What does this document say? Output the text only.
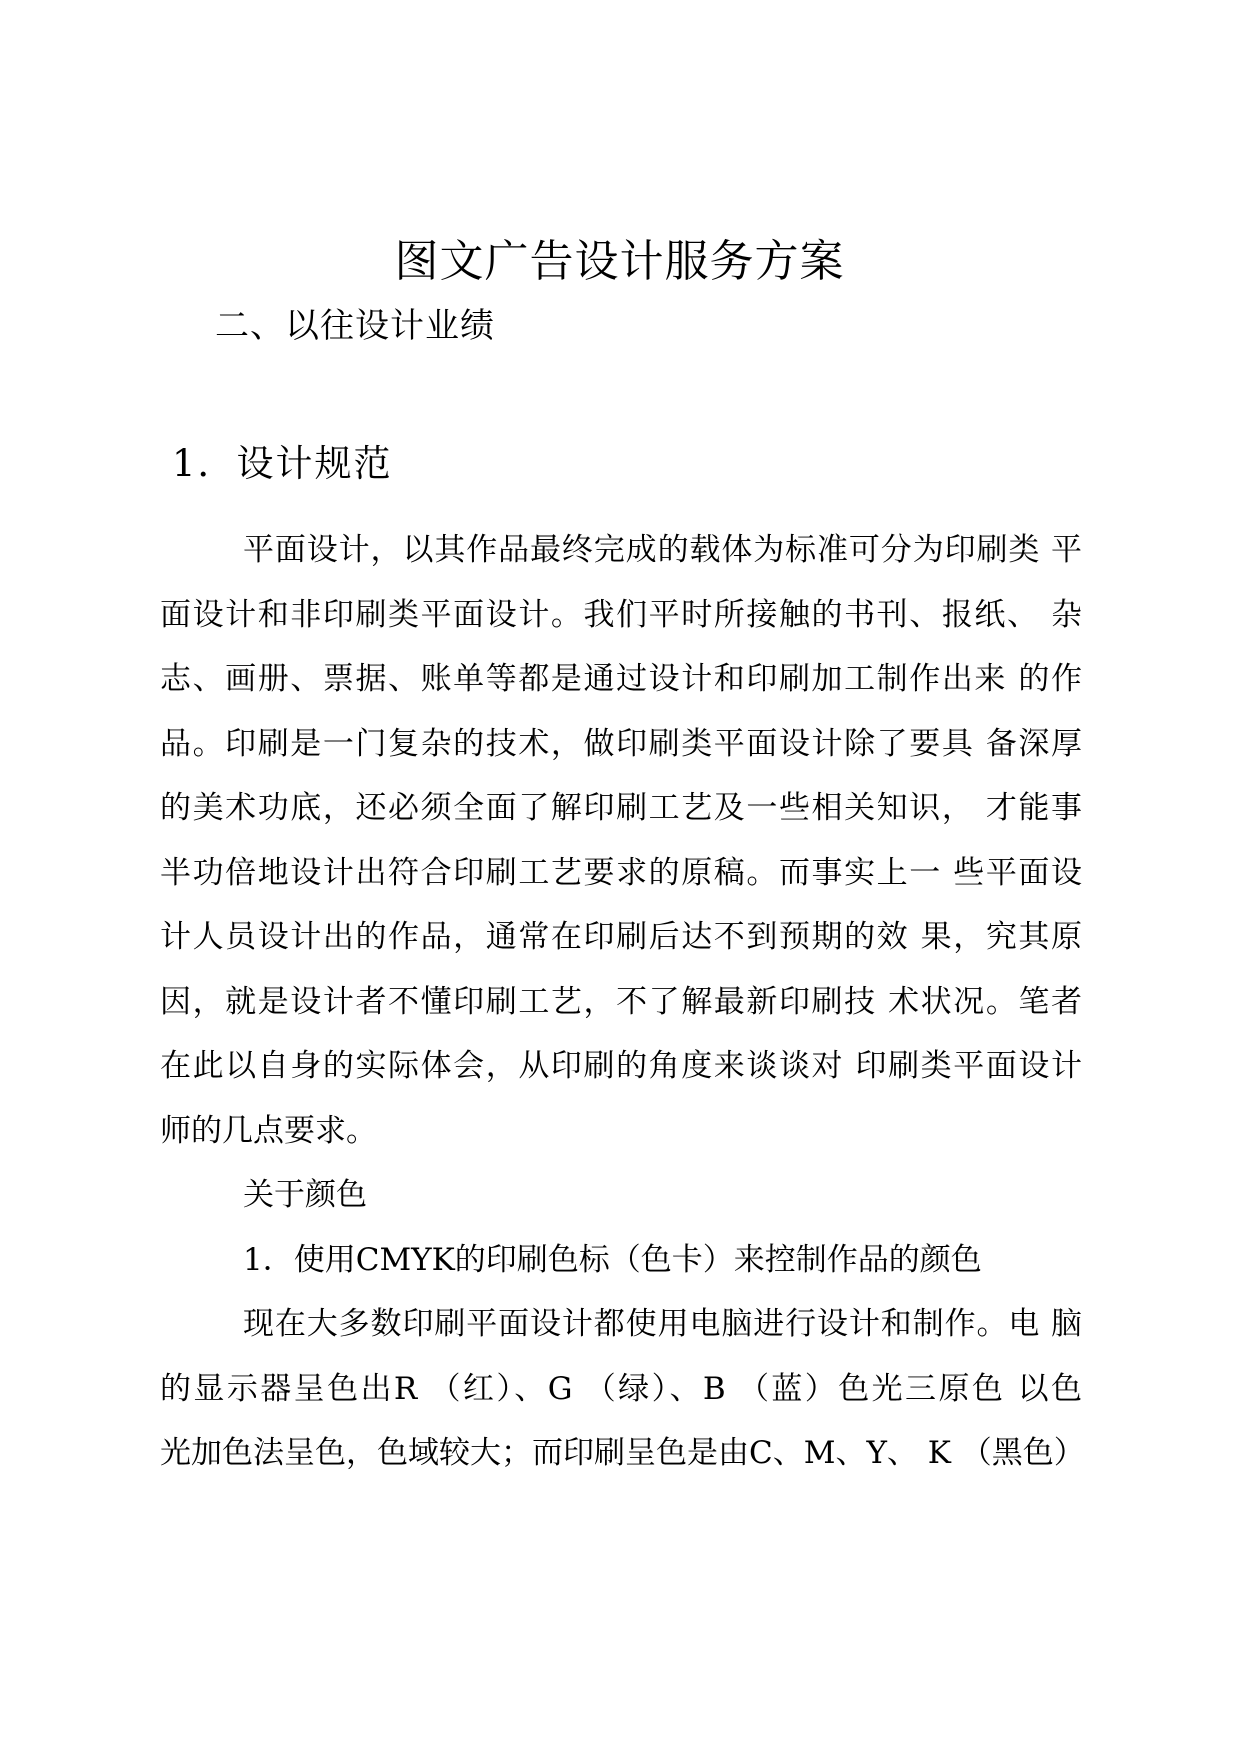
图文广告设计服务方案
二、以往设计业绩
1．设计规范

平面设计，以其作品最终完成的载体为标准可分为印刷类 平

面设计和非印刷类平面设计。我们平时所接触的书刊、报纸、 杂

志、画册、票据、账单等都是通过设计和印刷加工制作出来 的作

品。印刷是一门复杂的技术，做印刷类平面设计除了要具 备深厚

的美术功底，还必须全面了解印刷工艺及一些相关知识， 才能事

半功倍地设计出符合印刷工艺要求的原稿。而事实上一 些平面设

计人员设计出的作品，通常在印刷后达不到预期的效 果，究其原

因，就是设计者不懂印刷工艺，不了解最新印刷技 术状况。笔者

在此以自身的实际体会，从印刷的角度来谈谈对 印刷类平面设计

师的几点要求。

关于颜色

1．使用CMYK的印刷色标（色卡）来控制作品的颜色

现在大多数印刷平面设计都使用电脑进行设计和制作。电 脑

的显示器呈色出R （红）、G （绿）、B （蓝）色光三原色 以色

光加色法呈色，色域较大；而印刷呈色是由C、M、Y、 K （黑色）
